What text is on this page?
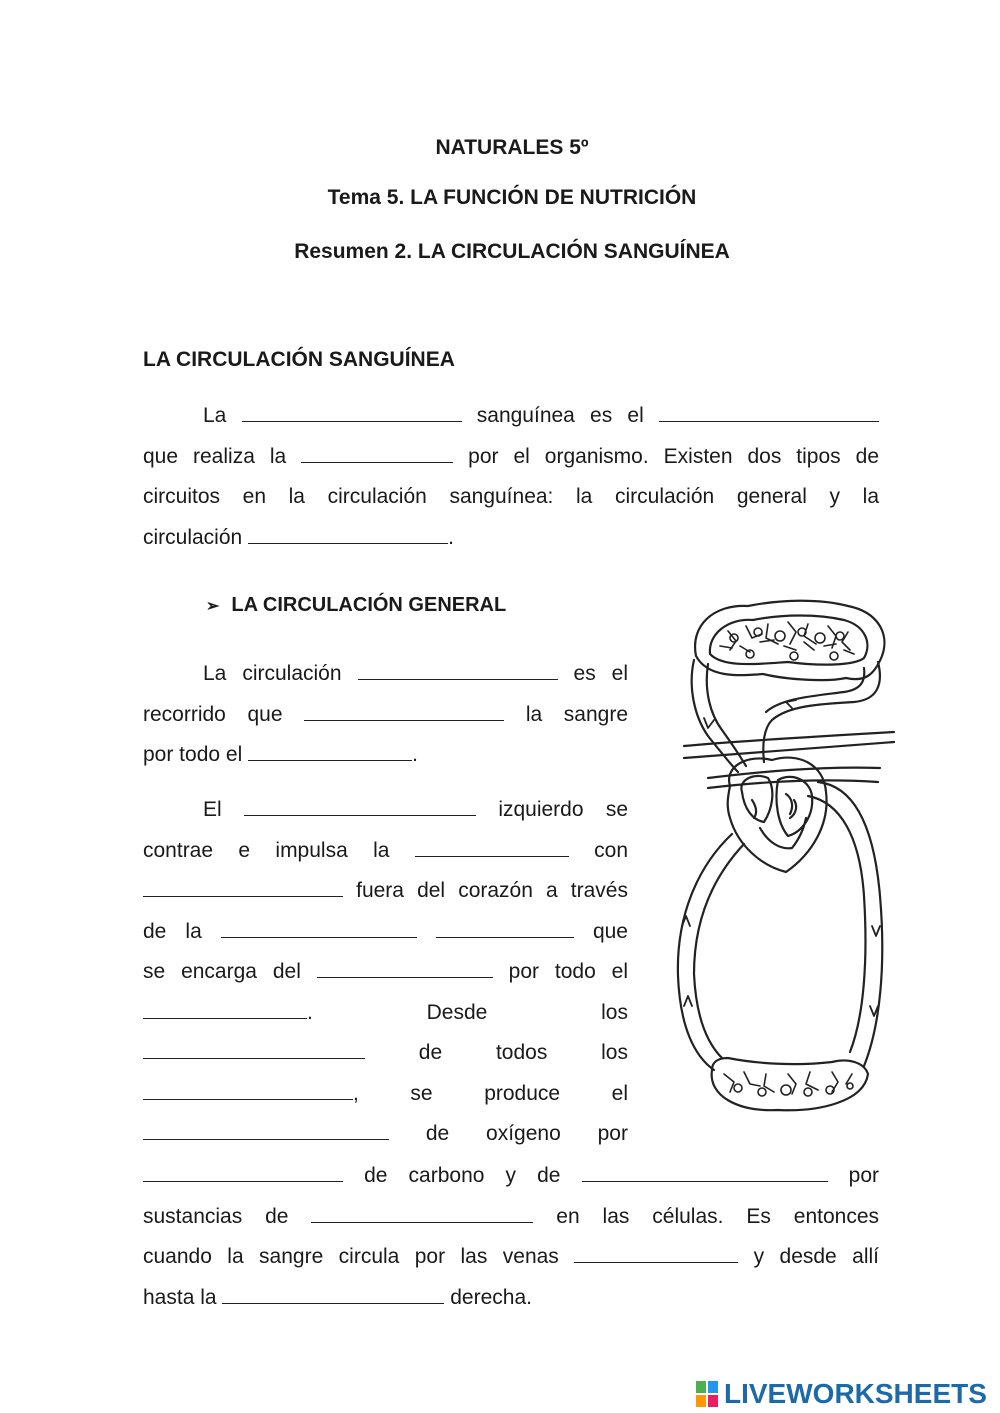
NATURALES 5º
Tema 5. LA FUNCIÓN DE NUTRICIÓN
Resumen 2. LA CIRCULACIÓN SANGUÍNEA
LA CIRCULACIÓN SANGUÍNEA
La	sanguínea es el
que realiza la	por el organismo. Existen dos tipos de
circuitos en la circulación sanguínea: la circulación general y la
circulación	.
➢ LA CIRCULACIÓN GENERAL
La circulación	es el
recorrido que	la sangre
por todo el	.
El	izquierdo se
contrae e impulsa la	con
fuera del corazón a través
de la	que
se encarga del	por todo el
.	Desde	los
de	todos	los
, se produce el
de oxígeno por
de carbono y de	por
sustancias de	en las células. Es entonces
cuando la sangre circula por las venas	y desde allí
hasta la	derecha.
LIVEWORKSHEETS
